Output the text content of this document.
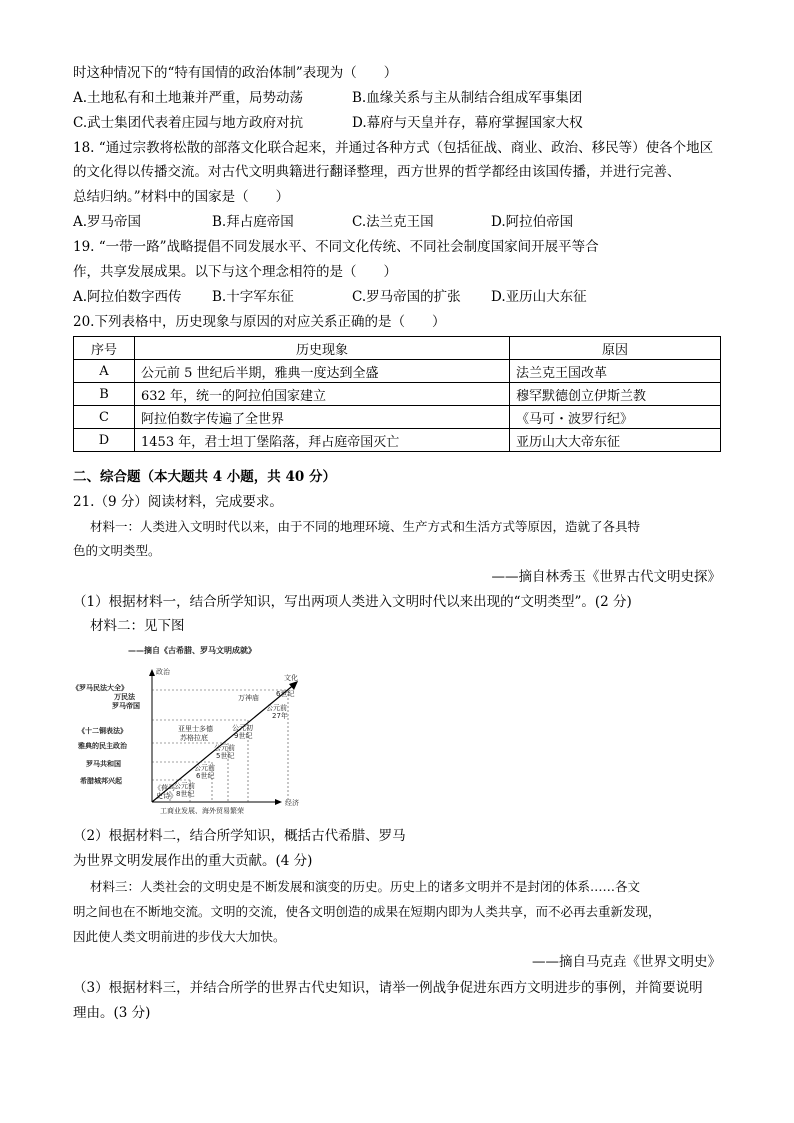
时这种情况下的“特有国情的政治体制”表现为（　　）
A.土地私有和土地兼并严重，局势动荡	B.血缘关系与主从制结合组成军事集团
C.武士集团代表着庄园与地方政府对抗	D.幕府与天皇并存，幕府掌握国家大权
18. “通过宗教将松散的部落文化联合起来，并通过各种方式（包括征战、商业、政治、移民等）使各个地区
的文化得以传播交流。对古代文明典籍进行翻译整理，西方世界的哲学都经由该国传播，并进行完善、
总结归纳。”材料中的国家是（　　）
A.罗马帝国	B.拜占庭帝国	C.法兰克王国	D.阿拉伯帝国
19. “一带一路”战略提倡不同发展水平、不同文化传统、不同社会制度国家间开展平等合
作，共享发展成果。以下与这个理念相符的是（　　）
A.阿拉伯数字西传 B.十字军东征	C.罗马帝国的扩张 D.亚历山大东征
20.下列表格中，历史现象与原因的对应关系正确的是（　　）
序号	历史现象	原因
A	公元前 5 世纪后半期，雅典一度达到全盛	法兰克王国改革
B	632 年，统一的阿拉伯国家建立	穆罕默德创立伊斯兰教
C	阿拉伯数字传遍了全世界	《马可・波罗行纪》
D	1453 年，君士坦丁堡陷落，拜占庭帝国灭亡	亚历山大大帝东征
二、综合题（本大题共 4 小题，共 40 分）
21.（9 分）阅读材料，完成要求。
材料一：人类进入文明时代以来，由于不同的地理环境、生产方式和生活方式等原因，造就了各具特
色的文明类型。
——摘自林秀玉《世界古代文明史探》
（1）根据材料一，结合所学知识，写出两项人类进入文明时代以来出现的“文明类型”。(2 分)
材料二：见下图
——摘自《古希腊、罗马文明成就》
政治
经济
文化
工商业发展、海外贸易繁荣
《罗马民法大全》
万民法
罗马帝国
《十二铜表法》
雅典的民主政治
罗马共和国
希腊城邦兴起
万神庙 6世纪
公元前
27年
亚里士多德
苏格拉底
公元初
9世纪
公元前
5世纪
公元前
6世纪
《荷马
史诗》
公元前
8世纪
（2）根据材料二，结合所学知识，概括古代希腊、罗马
为世界文明发展作出的重大贡献。(4 分)
材料三：人类社会的文明史是不断发展和演变的历史。历史上的诸多文明并不是封闭的体系……各文
明之间也在不断地交流。文明的交流，使各文明创造的成果在短期内即为人类共享，而不必再去重新发现，
因此使人类文明前进的步伐大大加快。
——摘自马克垚《世界文明史》
（3）根据材料三，并结合所学的世界古代史知识，请举一例战争促进东西方文明进步的事例，并简要说明
理由。(3 分)
